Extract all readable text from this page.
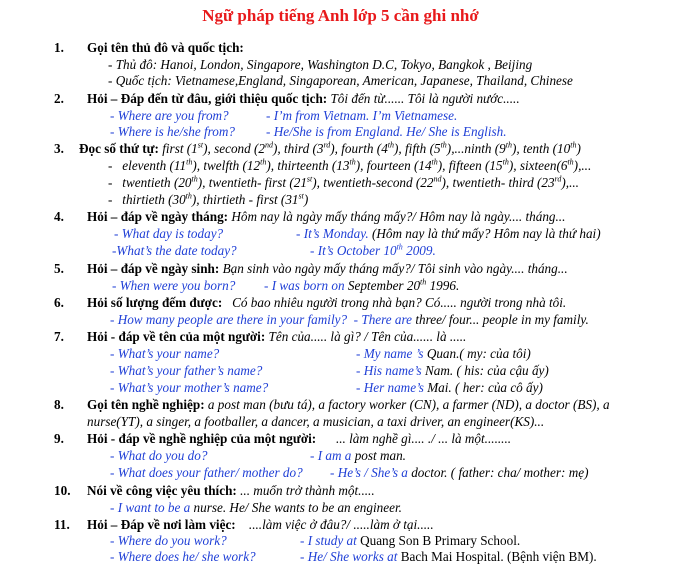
Ngữ pháp tiếng Anh lớp 5 cần ghi nhớ
1. Gọi tên thủ đô và quốc tịch:
- Thủ đô: Hanoi, London, Singapore, Washington D.C, Tokyo, Bangkok , Beijing
- Quốc tịch: Vietnamese,England, Singaporean, American, Japanese, Thailand, Chinese
2. Hỏi – Đáp đến từ đâu, giới thiệu quốc tịch: Tôi đến từ...... Tôi là người nước.....
- Where are you from?	- I’m from Vietnam. I’m Vietnamese.
- Where is he/she from? - He/She is from England. He/ She is English.
3. Đọc số thứ tự: first (1st), second (2nd), third (3rd), fourth (4th), fifth (5th),...ninth (9th), tenth (10th)
-   eleventh (11th), twelfth (12th), thirteenth (13th), fourteen (14th), fifteen (15th), sixteen(6th),...
-   twentieth (20th), twentieth- first (21st), twentieth-second (22nd), twentieth- third (23rd),...
-   thirtieth (30th), thirtieth - first (31st)
4. Hỏi – đáp về ngày tháng: Hôm nay là ngày mấy tháng mấy?/ Hôm nay là ngày.... tháng...
- What day is today?	- It’s Monday. (Hôm nay là thứ mấy? Hôm nay là thứ hai)
-What’s the date today?	- It’s October 10th 2009.
5. Hỏi – đáp về ngày sinh: Bạn sinh vào ngày mấy tháng mấy?/ Tôi sinh vào ngày.... tháng...
- When were you born? - I was born on September 20th 1996.
6. Hỏi số lượng đếm được: Có bao nhiêu người trong nhà bạn? Có..... người trong nhà tôi.
- How many people are there in your family? - There are three/ four... people in my family.
7. Hỏi - đáp về tên của một người: Tên của..... là gì? / Tên của...... là .....
- What’s your name?	- My name ’s Quan.( my: của tôi)
- What’s your father’s name?	- His name’s Nam. ( his: của cậu ấy)
- What’s your mother’s name?	- Her name’s Mai. ( her: của cô ấy)
8. Gọi tên nghề nghiệp: a post man (bưu tá), a factory worker (CN), a farmer (ND), a doctor (BS), a
nurse(YT), a singer, a footballer, a dancer, a musician, a taxi driver, an engineer(KS)...
9. Hỏi - đáp về nghề nghiệp của một người: ... làm nghề gì.... ./ ... là một........
- What do you do?	- I am a post man.
- What does your father/ mother do? - He’s / She’s a doctor. ( father: cha/ mother: mẹ)
10. Nói về công việc yêu thích: ... muốn trở thành một.....
- I want to be a nurse. He/ She wants to be an engineer.
11. Hỏi – Đáp về nơi làm việc: ....làm việc ở đâu?/ .....làm ở tại.....
- Where do you work?	- I study at Quang Son B Primary School.
- Where does he/ she work?	- He/ She works at Bach Mai Hospital. (Bệnh viện BM).
